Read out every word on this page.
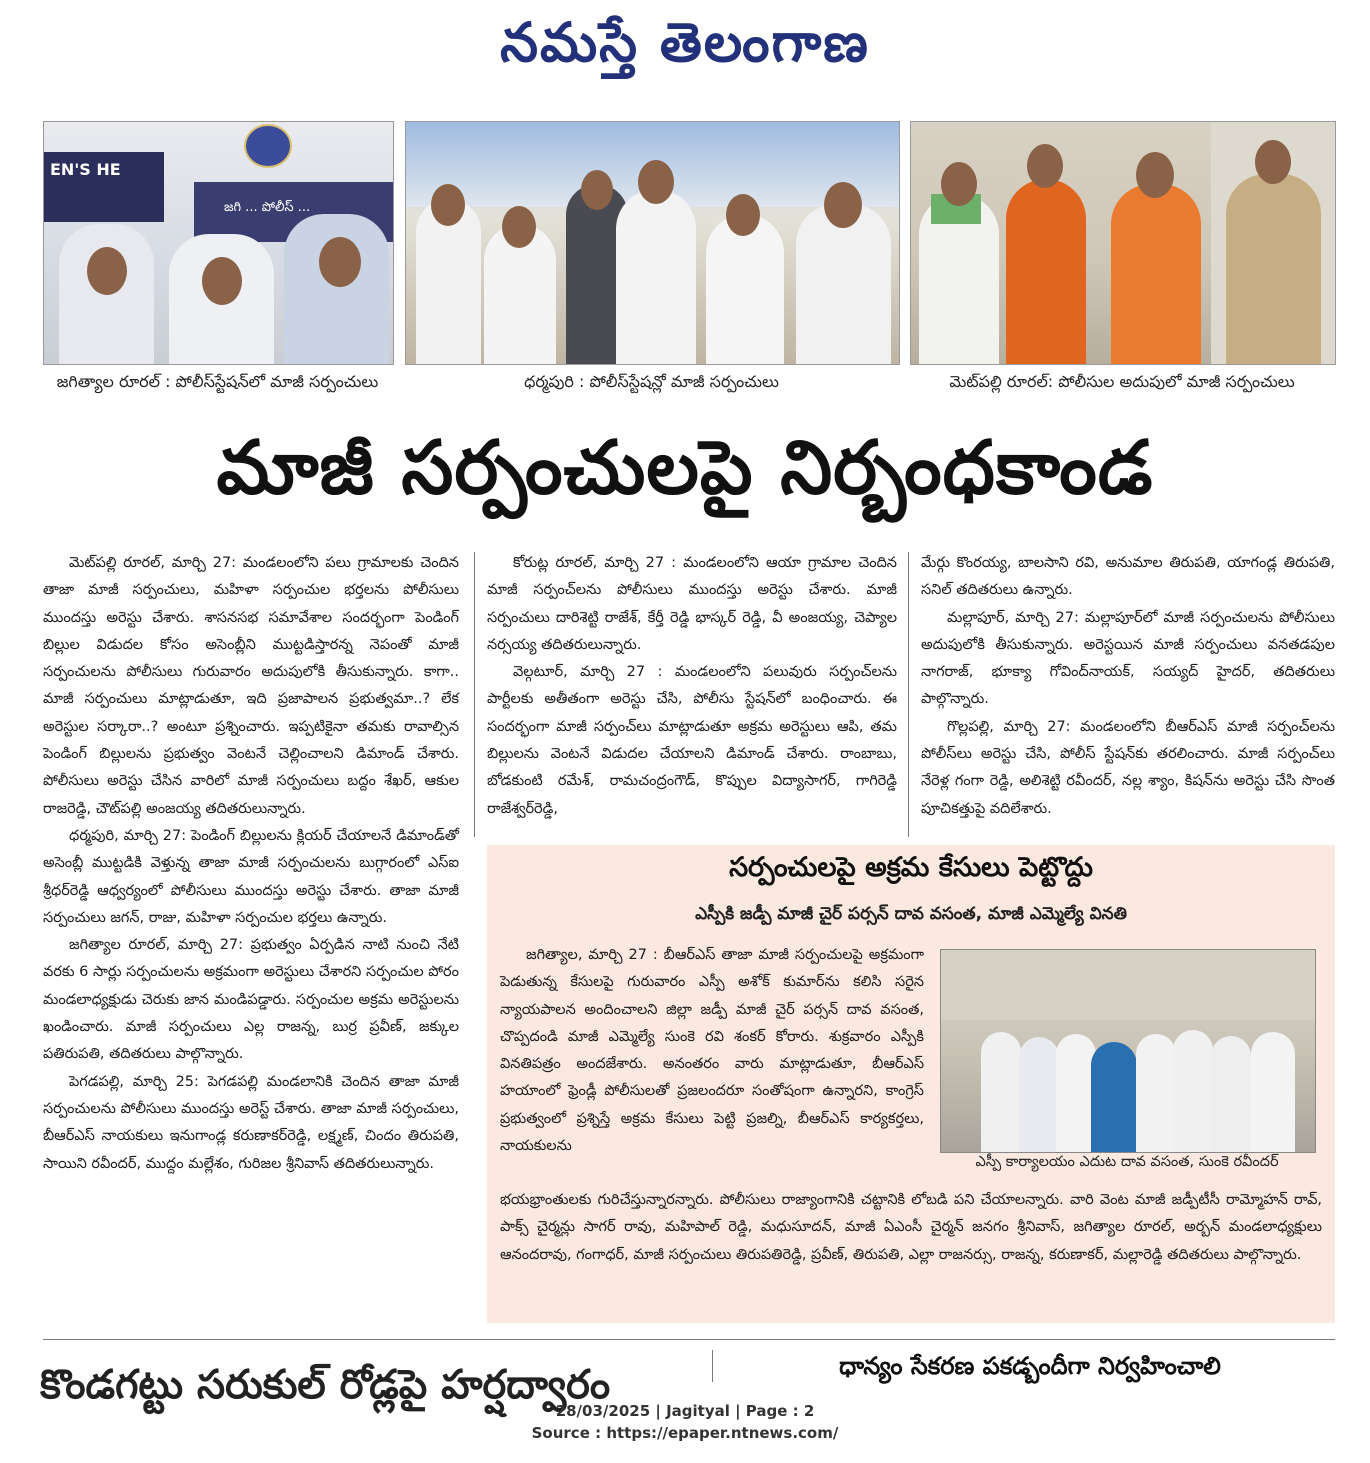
నమస్తే తెలంగాణ
EN'S HE
జగి ... పోలీస్ ...
జగిత్యాల రూరల్ : పోలీస్‌స్టేషన్‌లో మాజీ సర్పంచులు	ధర్మపురి : పోలీస్‌స్టేషన్లో మాజీ సర్పంచులు	మెట్‌పల్లి రూరల్: పోలీసుల అదుపులో మాజీ సర్పంచులు
మాజీ సర్పంచులపై నిర్బంధకాండ

మెట్‌పల్లి రూరల్, మార్చి 27: మండలంలోని పలు గ్రామాలకు చెందిన తాజా మాజీ సర్పంచులు, మహిళా సర్పంచుల భర్తలను పోలీసులు ముందస్తు అరెస్టు చేశారు. శాసనసభ సమావేశాల సందర్భంగా పెండింగ్ బిల్లుల విడుదల కోసం అసెంబ్లీని ముట్టడిస్తారన్న నెపంతో మాజీ సర్పంచులను పోలీసులు గురువారం అదుపులోకి తీసుకున్నారు. కాగా.. మాజీ సర్పంచులు మాట్లాడుతూ, ఇది ప్రజాపాలన ప్రభుత్వమా..? లేక అరెస్టుల సర్కారా..? అంటూ ప్రశ్నించారు. ఇప్పటికైనా తమకు రావాల్సిన పెండింగ్ బిల్లులను ప్రభుత్వం వెంటనే చెల్లించాలని డిమాండ్ చేశారు. పోలీసులు అరెస్టు చేసిన వారిలో మాజీ సర్పంచులు బద్దం శేఖర్, ఆకుల రాజరెడ్డి, చౌట్‌పల్లి అంజయ్య తదితరులున్నారు.

ధర్మపురి, మార్చి 27: పెండింగ్ బిల్లులను క్లియర్ చేయాలనే డిమాండ్‌తో అసెంబ్లీ ముట్టడికి వెళ్తున్న తాజా మాజీ సర్పంచులను బుగ్గారంలో ఎస్ఐ శ్రీధర్‌రెడ్డి ఆధ్వర్యంలో పోలీసులు ముందస్తు అరెస్టు చేశారు. తాజా మాజీ సర్పంచులు జగన్, రాజు, మహిళా సర్పంచుల భర్తలు ఉన్నారు.

జగిత్యాల రూరల్, మార్చి 27: ప్రభుత్వం ఏర్పడిన నాటి నుంచి నేటి వరకు 6 సార్లు సర్పంచులను అక్రమంగా అరెస్టులు చేశారని సర్పంచుల పోరం మండలాధ్యక్షుడు చెరుకు జాన మండిపడ్డారు. సర్పంచుల అక్రమ అరెస్టులను ఖండించారు. మాజీ సర్పంచులు ఎల్ల రాజన్న, బుర్ర ప్రవీణ్, జక్కుల పతిరుపతి, తదితరులు పాల్గొన్నారు.

పెగడపల్లి, మార్చి 25: పెగడపల్లి మండలానికి చెందిన తాజా మాజీ సర్పంచులను పోలీసులు ముందస్తు అరెస్ట్ చేశారు. తాజా మాజీ సర్పంచులు, బీఆర్ఎస్ నాయకులు ఇనుగాండ్ల కరుణాకర్‌రెడ్డి, లక్ష్మణ్, చిందం తిరుపతి, సాయిని రవీందర్, ముద్దం మల్లేశం, గురిజల శ్రీనివాస్ తదితరులున్నారు.

కోరుట్ల రూరల్, మార్చి 27 : మండలంలోని ఆయా గ్రామాల చెందిన మాజీ సర్పంచ్‌లను పోలీసులు ముందస్తు అరెస్టు చేశారు. మాజీ సర్పంచులు దారిశెట్టి రాజేశ్, కేర్తీ రెడ్డి భాస్కర్ రెడ్డి, వీ అంజయ్య, చెప్యాల నర్సయ్య తదితరులున్నారు.

వెల్గటూర్, మార్చి 27 : మండలంలోని పలువురు సర్పంచ్‌లను పార్టీలకు అతీతంగా అరెస్టు చేసి, పోలీసు స్టేషన్‌లో బంధించారు. ఈ సందర్భంగా మాజీ సర్పంచ్‌లు మాట్లాడుతూ అక్రమ అరెస్టులు ఆపి, తమ బిల్లులను వెంటనే విడుదల చేయాలని డిమాండ్ చేశారు. రాంబాబు, బోడకుంటి రమేశ్, రామచంద్రంగౌడ్, కొప్పుల విద్యాసాగర్, గాగిరెడ్డి రాజేశ్వర్‌రెడ్డి,

మేర్గు కొంరయ్య, బాలసాని రవి, అనుమాల తిరుపతి, యాగండ్ల తిరుపతి, సనిల్ తదితరులు ఉన్నారు.

మల్లాపూర్, మార్చి 27: మల్లాపూర్‌లో మాజీ సర్పంచులను పోలీసులు అదుపులోకి తీసుకున్నారు. అరెస్టయిన మాజీ సర్పంచులు వనతడపుల నాగరాజ్, భూక్యా గోవింద్‌నాయక్, సయ్యద్ హైదర్, తదితరులు పాల్గొన్నారు.

గొల్లపల్లి, మార్చి 27: మండలంలోని బీఆర్ఎస్ మాజీ సర్పంచ్‌లను పోలీస్‌లు అరెస్టు చేసి, పోలీస్ స్టేషన్‌కు తరలించారు. మాజీ సర్పంచ్‌లు నేరెళ్ల గంగా రెడ్డి, అలిశెట్టి రవీందర్, నల్ల శ్యాం, కిషన్‌ను అరెస్టు చేసి సొంత పూచికత్తుపై వదిలేశారు.

సర్పంచులపై అక్రమ కేసులు పెట్టొద్దు
ఎస్పీకి జడ్పీ మాజీ చైర్ పర్సన్ దావ వసంత, మాజీ ఎమ్మెల్యే వినతి

జగిత్యాల, మార్చి 27 : బీఆర్ఎస్ తాజా మాజీ సర్పంచులపై అక్రమంగా పెడుతున్న కేసులపై గురువారం ఎస్పీ అశోక్ కుమార్‌ను కలిసి సరైన న్యాయపాలన అందించాలని జిల్లా జడ్పీ మాజీ చైర్ పర్సన్ దావ వసంత, చొప్పదండి మాజీ ఎమ్మెల్యే సుంకె రవి శంకర్ కోరారు. శుక్రవారం ఎస్పీకి వినతిపత్రం అందజేశారు. అనంతరం వారు మాట్లాడుతూ, బీఆర్ఎస్ హయాంలో ఫ్రెండ్లీ పోలీసులతో ప్రజలందరూ సంతోషంగా ఉన్నారని, కాంగ్రెస్ ప్రభుత్వంలో ప్రశ్నిస్తే అక్రమ కేసులు పెట్టి ప్రజల్ని, బీఆర్ఎస్ కార్యకర్తలు, నాయకులను

ఎస్పీ కార్యాలయం ఎదుట దావ వసంత, సుంకె రవీందర్

భయభ్రాంతులకు గురిచేస్తున్నారన్నారు. పోలీసులు రాజ్యాంగానికి చట్టానికి లోబడి పని చేయాలన్నారు. వారి వెంట మాజీ జడ్పీటీసీ రామ్మోహన్ రావ్, పాక్స్ చైర్మన్లు సాగర్ రావు, మహిపాల్ రెడ్డి, మధుసూదన్, మాజీ ఏఎంసీ చైర్మన్ జనగం శ్రీనివాస్, జగిత్యాల రూరల్, అర్బన్ మండలాధ్యక్షులు ఆనందరావు, గంగాధర్, మాజీ సర్పంచులు తిరుపతిరెడ్డి, ప్రవీణ్, తిరుపతి, ఎల్లా రాజనర్సు, రాజన్న, కరుణాకర్, మల్లారెడ్డి తదితరులు పాల్గొన్నారు.

కొండగట్టు సరుకుల్ రోడ్లపై హర్షద్వారం	ధాన్యం సేకరణ పకడ్బందీగా నిర్వహించాలి
28/03/2025 | Jagityal | Page : 2
Source : https://epaper.ntnews.com/
